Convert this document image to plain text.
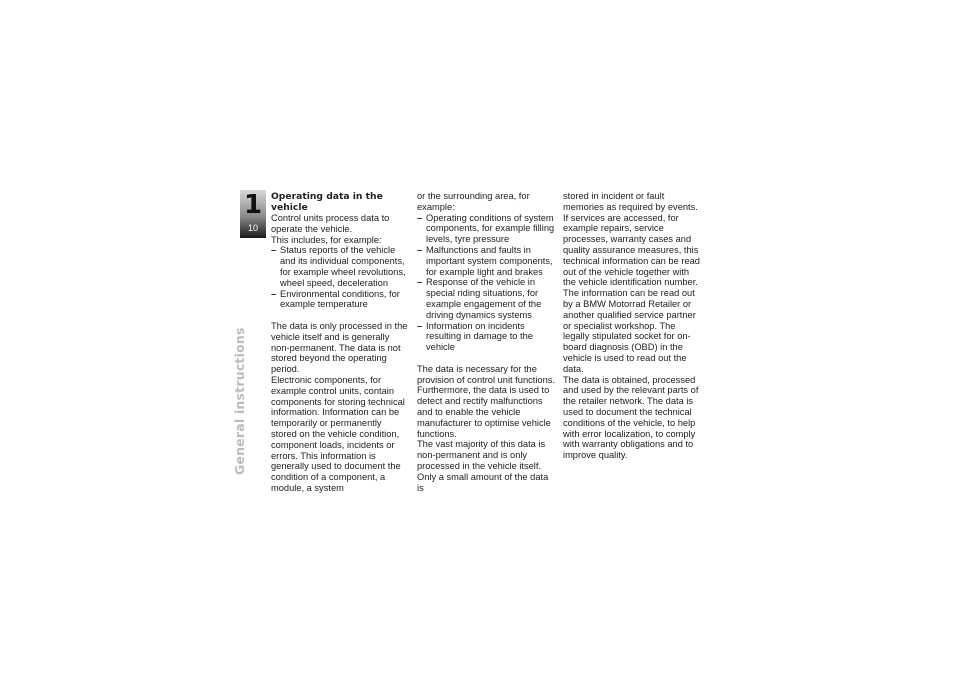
1
10
General instructions
Operating data in the vehicle

Control units process data to operate the vehicle.

This includes, for example:

– Status reports of the vehicle and its individual components, for example wheel revolutions, wheel speed, deceleration
– Environmental conditions, for example temperature

The data is only processed in the vehicle itself and is generally non-permanent. The data is not stored beyond the operating period.

Electronic components, for example control units, contain components for storing technical information. Information can be temporarily or permanently stored on the vehicle condition, component loads, incidents or errors. This information is generally used to document the condition of a component, a module, a system

or the surrounding area, for example:

– Operating conditions of system components, for example filling levels, tyre pressure
– Malfunctions and faults in important system components, for example light and brakes
– Response of the vehicle in special riding situations, for example engagement of the driving dynamics systems
– Information on incidents resulting in damage to the vehicle

The data is necessary for the provision of control unit functions. Furthermore, the data is used to detect and rectify malfunctions and to enable the vehicle manufacturer to optimise vehicle functions.

The vast majority of this data is non-permanent and is only processed in the vehicle itself. Only a small amount of the data is

stored in incident or fault memories as required by events.

If services are accessed, for example repairs, service processes, warranty cases and quality assurance measures, this technical information can be read out of the vehicle together with the vehicle identification number.

The information can be read out by a BMW Motorrad Retailer or another qualified service partner or specialist workshop. The legally stipulated socket for on-board diagnosis (OBD) in the vehicle is used to read out the data.

The data is obtained, processed and used by the relevant parts of the retailer network. The data is used to document the technical conditions of the vehicle, to help with error localization, to comply with warranty obligations and to improve quality.
